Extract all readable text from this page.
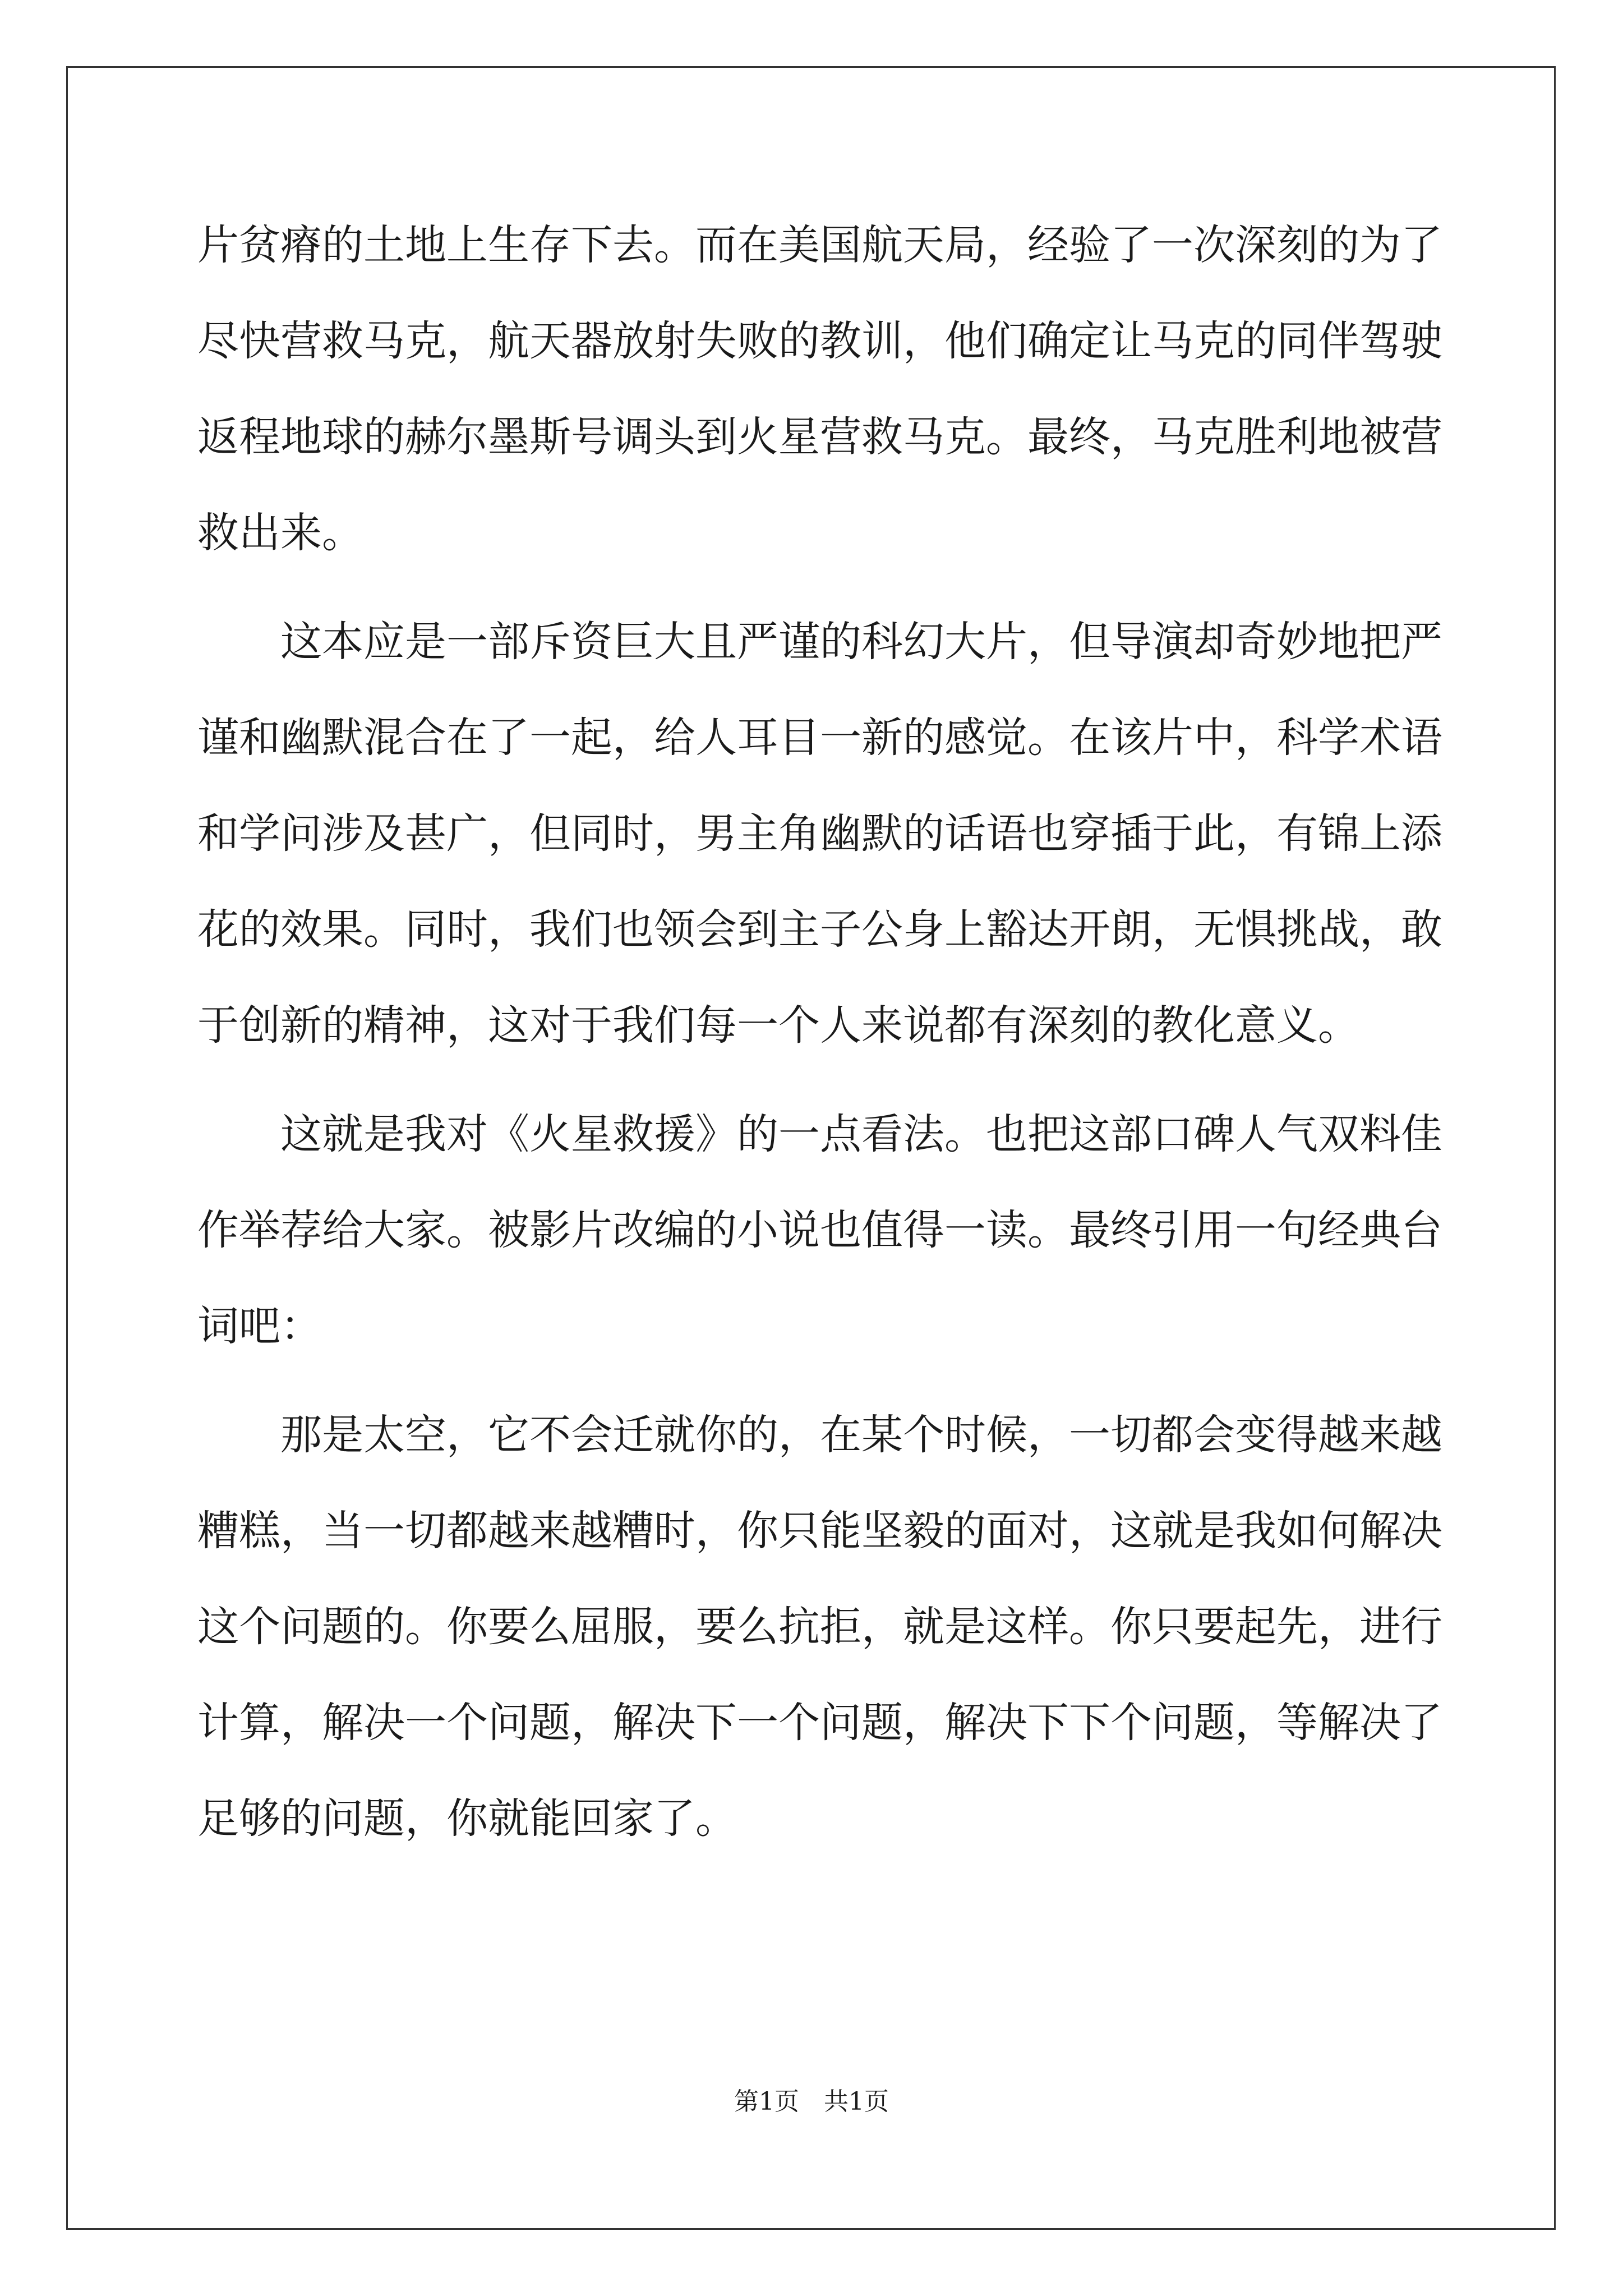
片贫瘠的土地上生存下去。而在美国航天局，经验了一次深刻的为了
尽快营救马克，航天器放射失败的教训，他们确定让马克的同伴驾驶
返程地球的赫尔墨斯号调头到火星营救马克。最终，马克胜利地被营
救出来。
这本应是一部斥资巨大且严谨的科幻大片，但导演却奇妙地把严
谨和幽默混合在了一起，给人耳目一新的感觉。在该片中，科学术语
和学问涉及甚广，但同时，男主角幽默的话语也穿插于此，有锦上添
花的效果。同时，我们也领会到主子公身上豁达开朗，无惧挑战，敢
于创新的精神，这对于我们每一个人来说都有深刻的教化意义。
这就是我对《火星救援》的一点看法。也把这部口碑人气双料佳
作举荐给大家。被影片改编的小说也值得一读。最终引用一句经典台
词吧：
那是太空，它不会迁就你的，在某个时候，一切都会变得越来越
糟糕，当一切都越来越糟时，你只能坚毅的面对，这就是我如何解决
这个问题的。你要么屈服，要么抗拒，就是这样。你只要起先，进行
计算，解决一个问题，解决下一个问题，解决下下个问题，等解决了
足够的问题，你就能回家了。
第1页　共1页
